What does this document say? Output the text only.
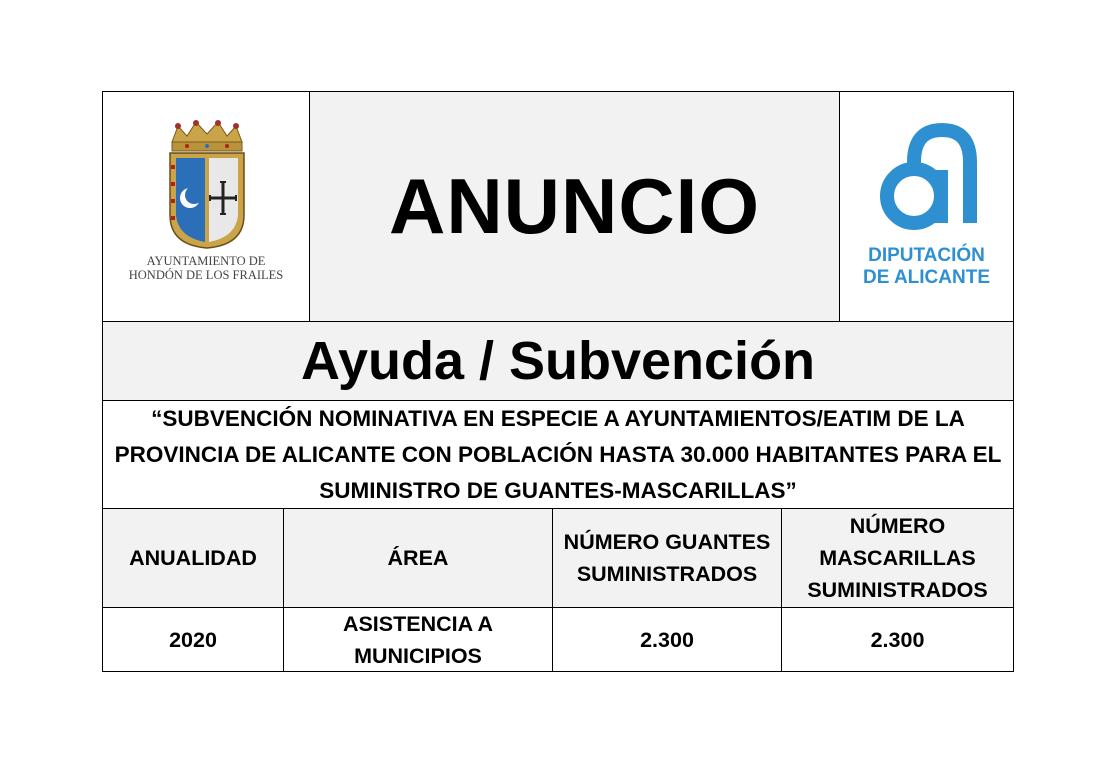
AYUNTAMIENTO DE
HONDÓN DE LOS FRAILES
ANUNCIO
DIPUTACIÓN
DE ALICANTE
Ayuda / Subvención
“SUBVENCIÓN NOMINATIVA EN ESPECIE A AYUNTAMIENTOS/EATIM DE LA PROVINCIA DE ALICANTE CON POBLACIÓN HASTA 30.000 HABITANTES PARA EL SUMINISTRO DE GUANTES-MASCARILLAS”
ANUALIDAD	ÁREA
NÚMERO GUANTES SUMINISTRADOS
NÚMERO MASCARILLAS SUMINISTRADOS
2020
ASISTENCIA A MUNICIPIOS
2.300	2.300
